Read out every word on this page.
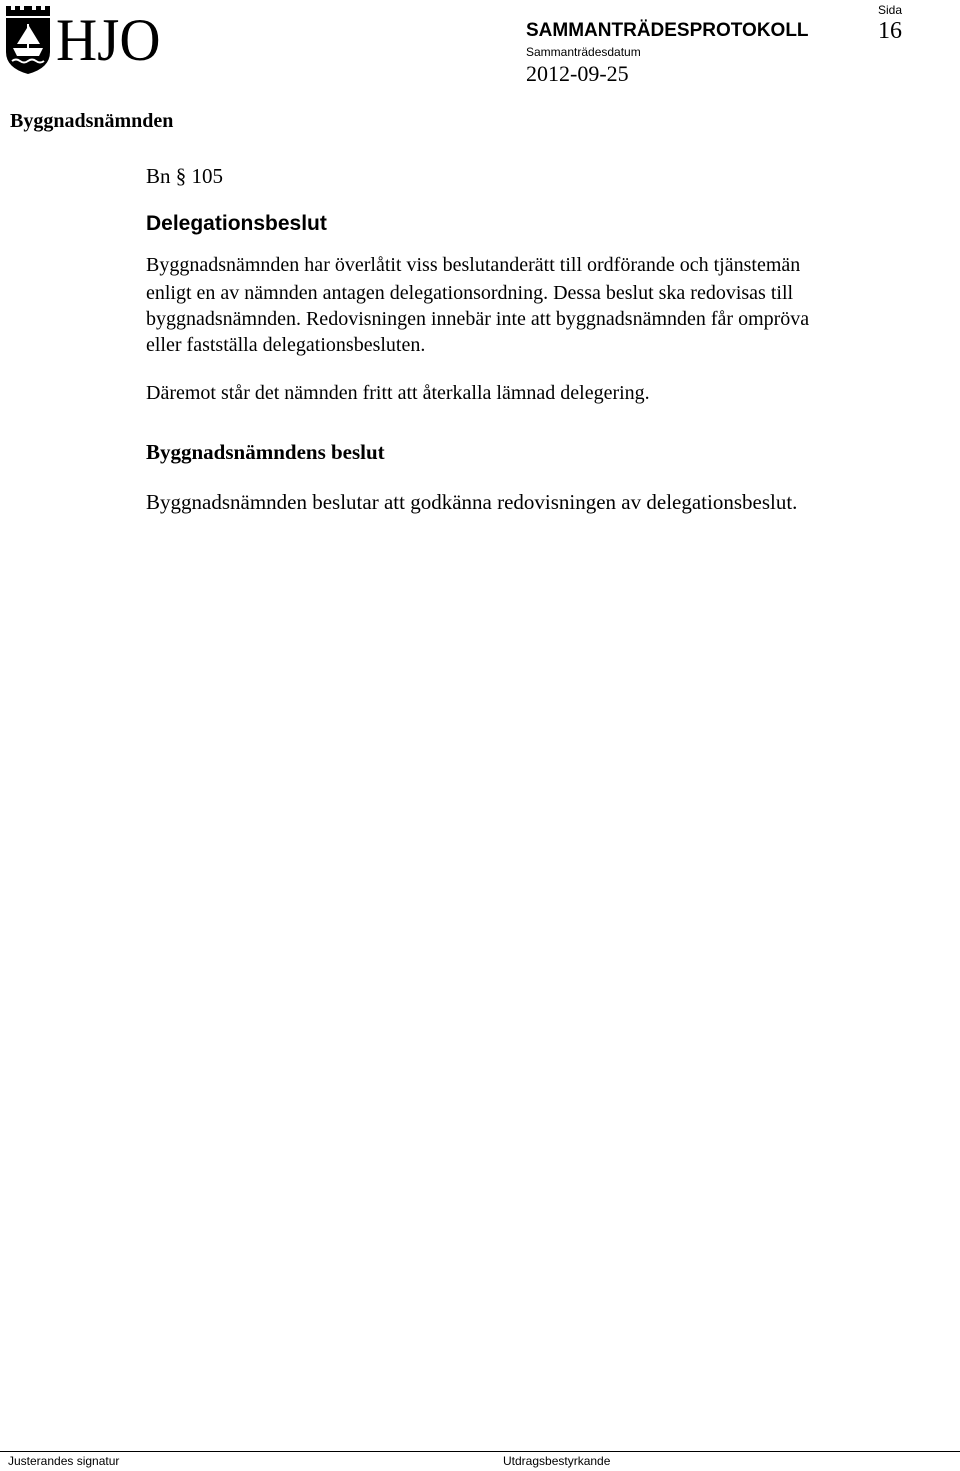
HJO	SAMMANTRÄDESPROTOKOLL
Sida
16
Sammanträdesdatum
2012-09-25
Byggnadsnämnden
Bn § 105
Delegationsbeslut
Byggnadsnämnden har överlåtit viss beslutanderätt till ordförande och tjänstemän
enligt en av nämnden antagen delegationsordning. Dessa beslut ska redovisas till
byggnadsnämnden. Redovisningen innebär inte att byggnadsnämnden får ompröva
eller fastställa delegationsbesluten.
Däremot står det nämnden fritt att återkalla lämnad delegering.
Byggnadsnämndens beslut
Byggnadsnämnden beslutar att godkänna redovisningen av delegationsbeslut.
Justerandes signatur	Utdragsbestyrkande
